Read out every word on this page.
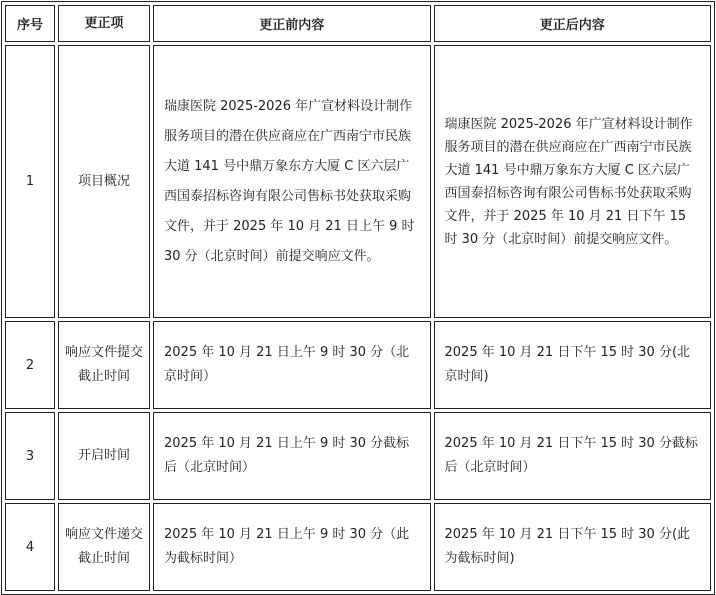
序号	更正项	更正前内容	更正后内容
1	项目概况	瑞康医院 2025-2026 年广宣材料设计制作服务项目的潜在供应商应在广西南宁市民族大道 141 号中鼎万象东方大厦 C 区六层广西国泰招标咨询有限公司售标书处获取采购文件，并于 2025 年 10 月 21 日上午 9 时 30 分（北京时间）前提交响应文件。	瑞康医院 2025-2026 年广宣材料设计制作服务项目的潜在供应商应在广西南宁市民族大道 141 号中鼎万象东方大厦 C 区六层广西国泰招标咨询有限公司售标书处获取采购文件，并于 2025 年 10 月 21 日下午 15 时 30 分（北京时间）前提交响应文件。
2	响应文件提交截止时间	2025 年 10 月 21 日上午 9 时 30 分（北京时间）	2025 年 10 月 21 日下午 15 时 30 分(北京时间)
3	开启时间	2025 年 10 月 21 日上午 9 时 30 分截标后（北京时间）	2025 年 10 月 21 日下午 15 时 30 分截标后（北京时间）
4	响应文件递交截止时间	2025 年 10 月 21 日上午 9 时 30 分（此为截标时间）	2025 年 10 月 21 日下午 15 时 30 分(此为截标时间)
